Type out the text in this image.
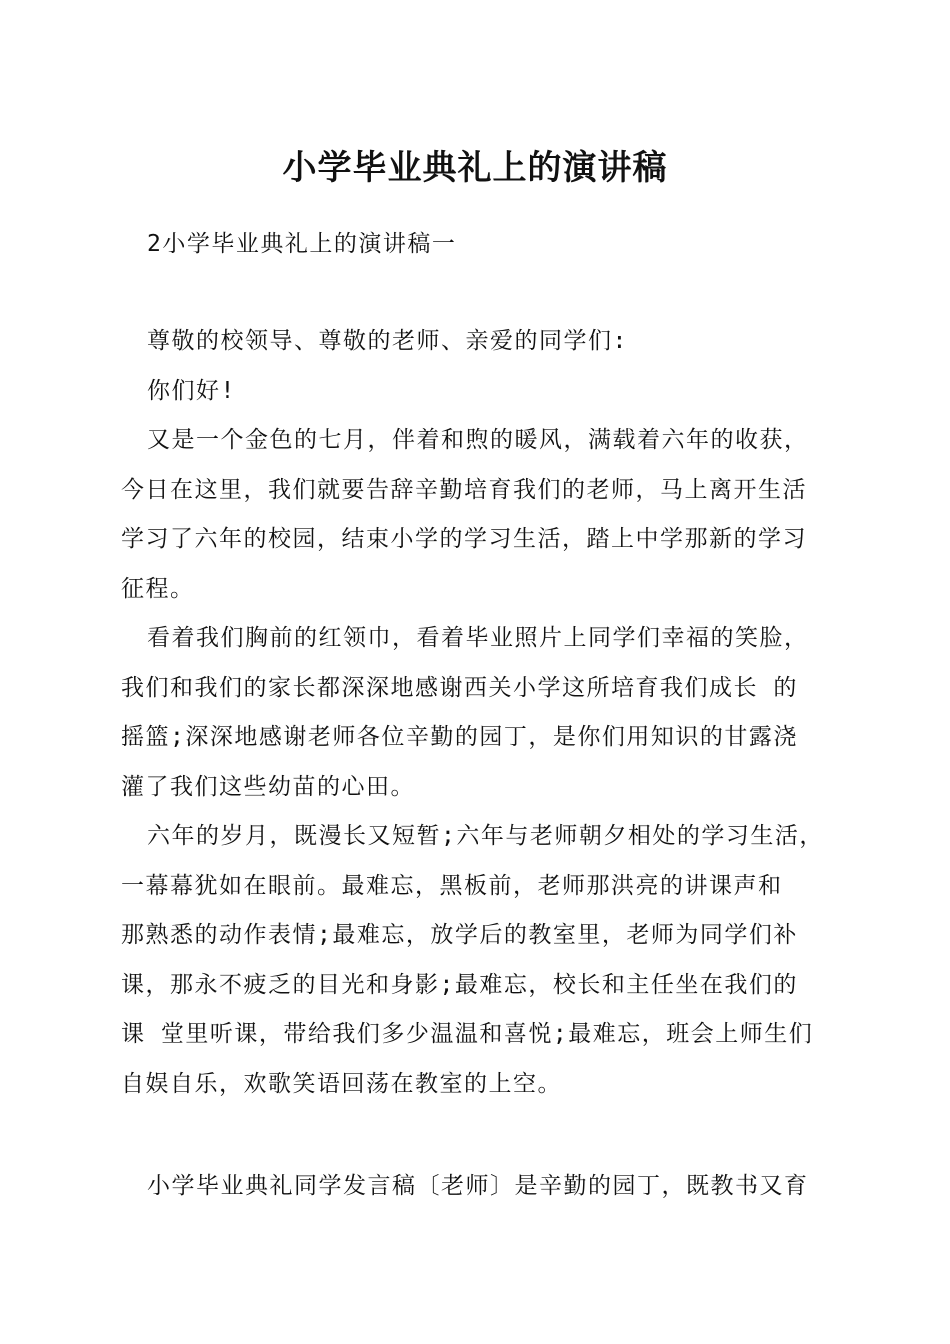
小学毕业典礼上的演讲稿
2小学毕业典礼上的演讲稿一
尊敬的校领导、尊敬的老师、亲爱的同学们:
你们好!
又是一个金色的七月，伴着和煦的暖风，满载着六年的收获，
今日在这里，我们就要告辞辛勤培育我们的老师，马上离开生活
学习了六年的校园，结束小学的学习生活，踏上中学那新的学习
征程。
看着我们胸前的红领巾，看着毕业照片上同学们幸福的笑脸，
我们和我们的家长都深深地感谢西关小学这所培育我们成长 的
摇篮;深深地感谢老师各位辛勤的园丁，是你们用知识的甘露浇
灌了我们这些幼苗的心田。
六年的岁月，既漫长又短暂;六年与老师朝夕相处的学习生活，
一幕幕犹如在眼前。最难忘，黑板前，老师那洪亮的讲课声和
那熟悉的动作表情;最难忘，放学后的教室里，老师为同学们补
课，那永不疲乏的目光和身影;最难忘，校长和主任坐在我们的
课 堂里听课，带给我们多少温温和喜悦;最难忘，班会上师生们
自娱自乐，欢歌笑语回荡在教室的上空。
小学毕业典礼同学发言稿〔老师〕是辛勤的园丁，既教书又育
